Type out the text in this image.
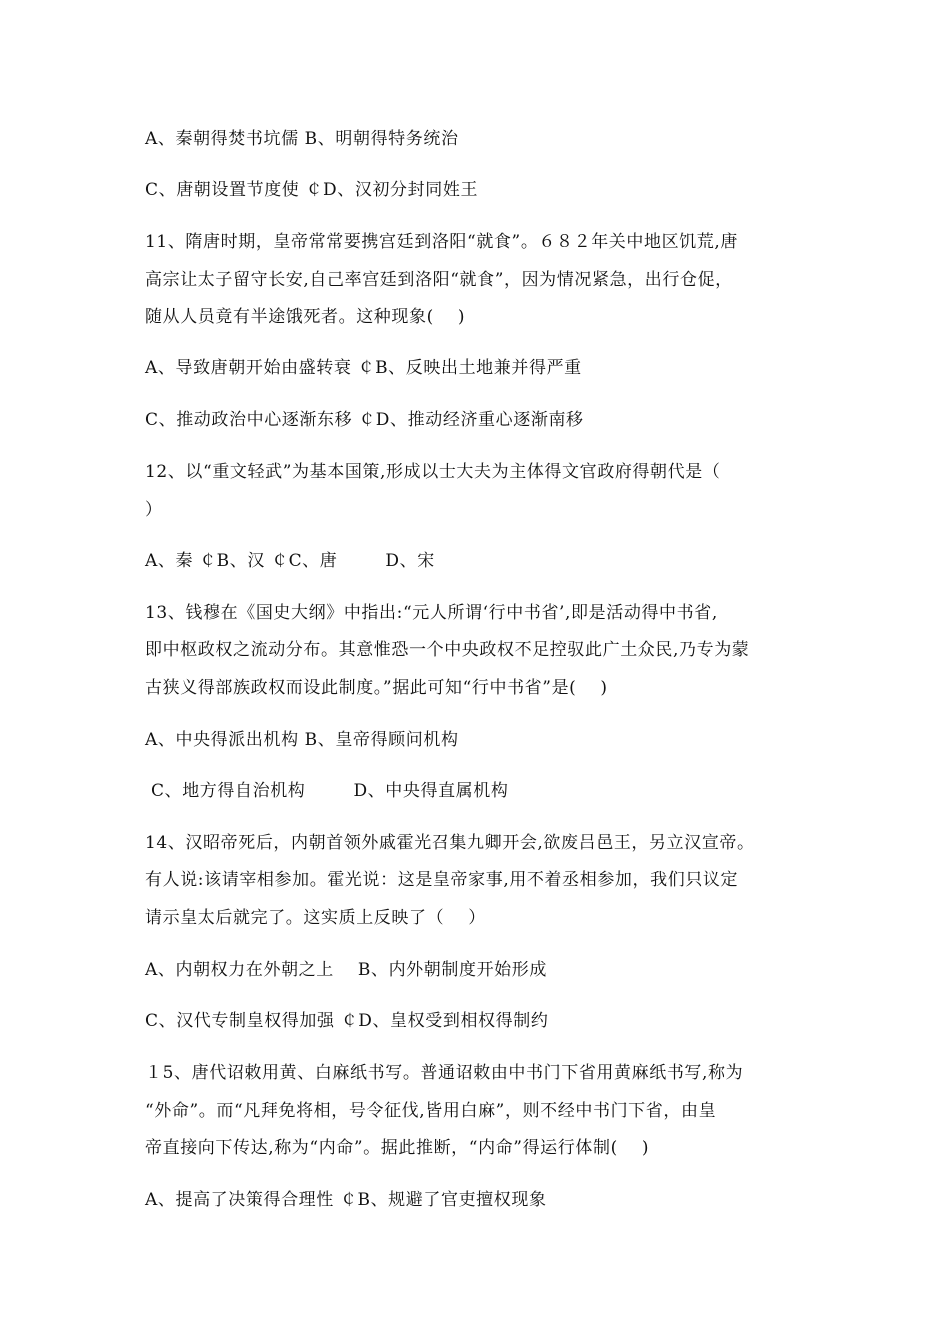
A、秦朝得焚书坑儒 B、明朝得特务统治
C、唐朝设置节度使 ￠D、汉初分封同姓王
11、隋唐时期，皇帝常常要携宫廷到洛阳“就食”。６８２年关中地区饥荒,唐
高宗让太子留守长安,自己率宫廷到洛阳“就食”，因为情况紧急，出行仓促，
随从人员竟有半途饿死者。这种现象(    )
A、导致唐朝开始由盛转衰 ￠B、反映出土地兼并得严重
C、推动政治中心逐渐东移 ￠D、推动经济重心逐渐南移
12、以“重文轻武”为基本国策,形成以士大夫为主体得文官政府得朝代是（
）
A、秦 ￠B、汉 ￠C、唐        D、宋
13、钱穆在《国史大纲》中指出:“元人所谓‘行中书省’,即是活动得中书省,
即中枢政权之流动分布。其意惟恐一个中央政权不足控驭此广土众民,乃专为蒙
古狭义得部族政权而设此制度。”据此可知“行中书省”是(    )
A、中央得派出机构 B、皇帝得顾问机构
C、地方得自治机构        D、中央得直属机构
14、汉昭帝死后，内朝首领外戚霍光召集九卿开会,欲废吕邑王，另立汉宣帝。
有人说:该请宰相参加。霍光说：这是皇帝家事,用不着丞相参加，我们只议定
请示皇太后就完了。这实质上反映了（    ）
A、内朝权力在外朝之上    B、内外朝制度开始形成
C、汉代专制皇权得加强 ￠D、皇权受到相权得制约
１5、唐代诏敕用黄、白麻纸书写。普通诏敕由中书门下省用黄麻纸书写,称为
“外命”。而“凡拜免将相，号令征伐,皆用白麻”，则不经中书门下省，由皇
帝直接向下传达,称为“内命”。据此推断，“内命”得运行体制(    )
A、提高了决策得合理性 ￠B、规避了官吏擅权现象
